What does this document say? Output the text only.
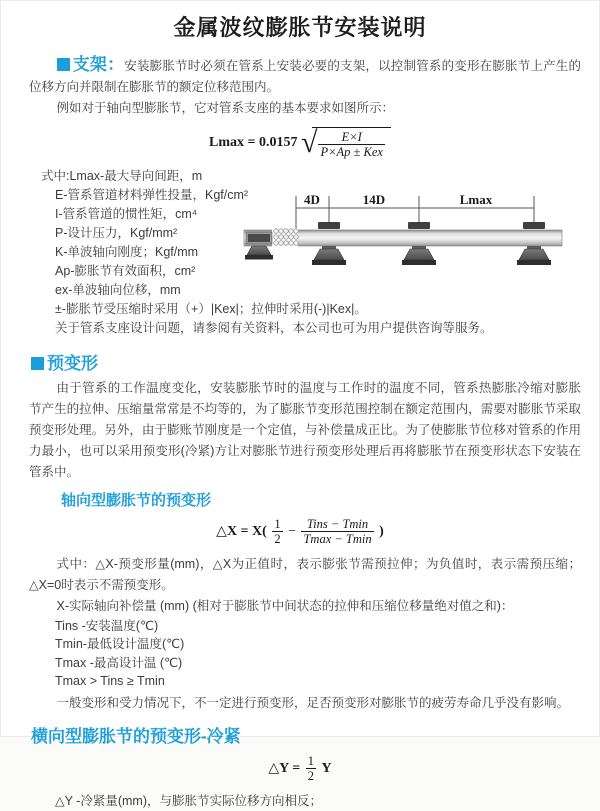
金属波纹膨胀节安装说明

支架：安装膨胀节时必须在管系上安装必要的支架，以控制管系的变形在膨胀节上产生的位移方向并限制在膨胀节的额定位移范围内。

例如对于轴向型膨胀节，它对管系支座的基本要求如图所示：

Lmax = 0.0157 √ $\frac{E\times I}{\text{P×Ap ± Kex}}$
式中:Lmax-最大导向间距，m
E-管系管道材料弹性投量，Kgf/cm²
I-管系管道的惯性矩，cm⁴
P-设计压力，Kgf/mm²
K-单波轴向刚度；Kgf/mm
Ap-膨胀节有效面积，cm²
ex-单波轴向位移，mm
±-膨胀节受压缩时采用（+）|Kex|；拉伸时采用(-)|Kex|。
关于管系支座设计问题，请参阅有关资料，本公司也可为用户提供咨询等服务。
4D	14D	Lmax
预变形

由于管系的工作温度变化，安装膨胀节时的温度与工作时的温度不同，管系热膨胀冷缩对膨胀节产生的拉伸、压缩量常常是不均等的，为了膨胀节变形范围控制在额定范围内，需要对膨胀节采取预变形处理。另外，由于膨账节刚度是一个定值，与补偿量成正比。为了使膨胀节位移对管系的作用力最小，也可以采用预变形(冷紧)方让对膨胀节进行预变形处理后再将膨胀节在预变形状态下安装在管系中。

轴向型膨胀节的预变形
△X = $X( \frac{1}{2} - \frac{\text{Tins − Tmin}}{Tmax - Tmin}$ )

式中：△X-预变形量(mm)，△X为正值时，表示膨张节需预拉伸；为负值时，表示需预压缩；△X=0时表示不需预变形。

X-实际轴向补偿量 (mm) (相对于膨胀节中间状态的拉伸和压缩位移量绝对值之和)：

Tins -安装温度(℃)
Tmin-最低设计温度(℃)
Tmax -最高设计温 (℃)
Tmax > Tins ≥ Tmin

一般变形和受力情况下，不一定进行预变形，足否预变形对膨胀节的疲劳寿命几乎没有影响。

横向型膨胀节的预变形-冷紧
△Y = $\frac{1}{2}$ Y
△Y -冷紧量(mm)，与膨胀节实际位移方向相反；
